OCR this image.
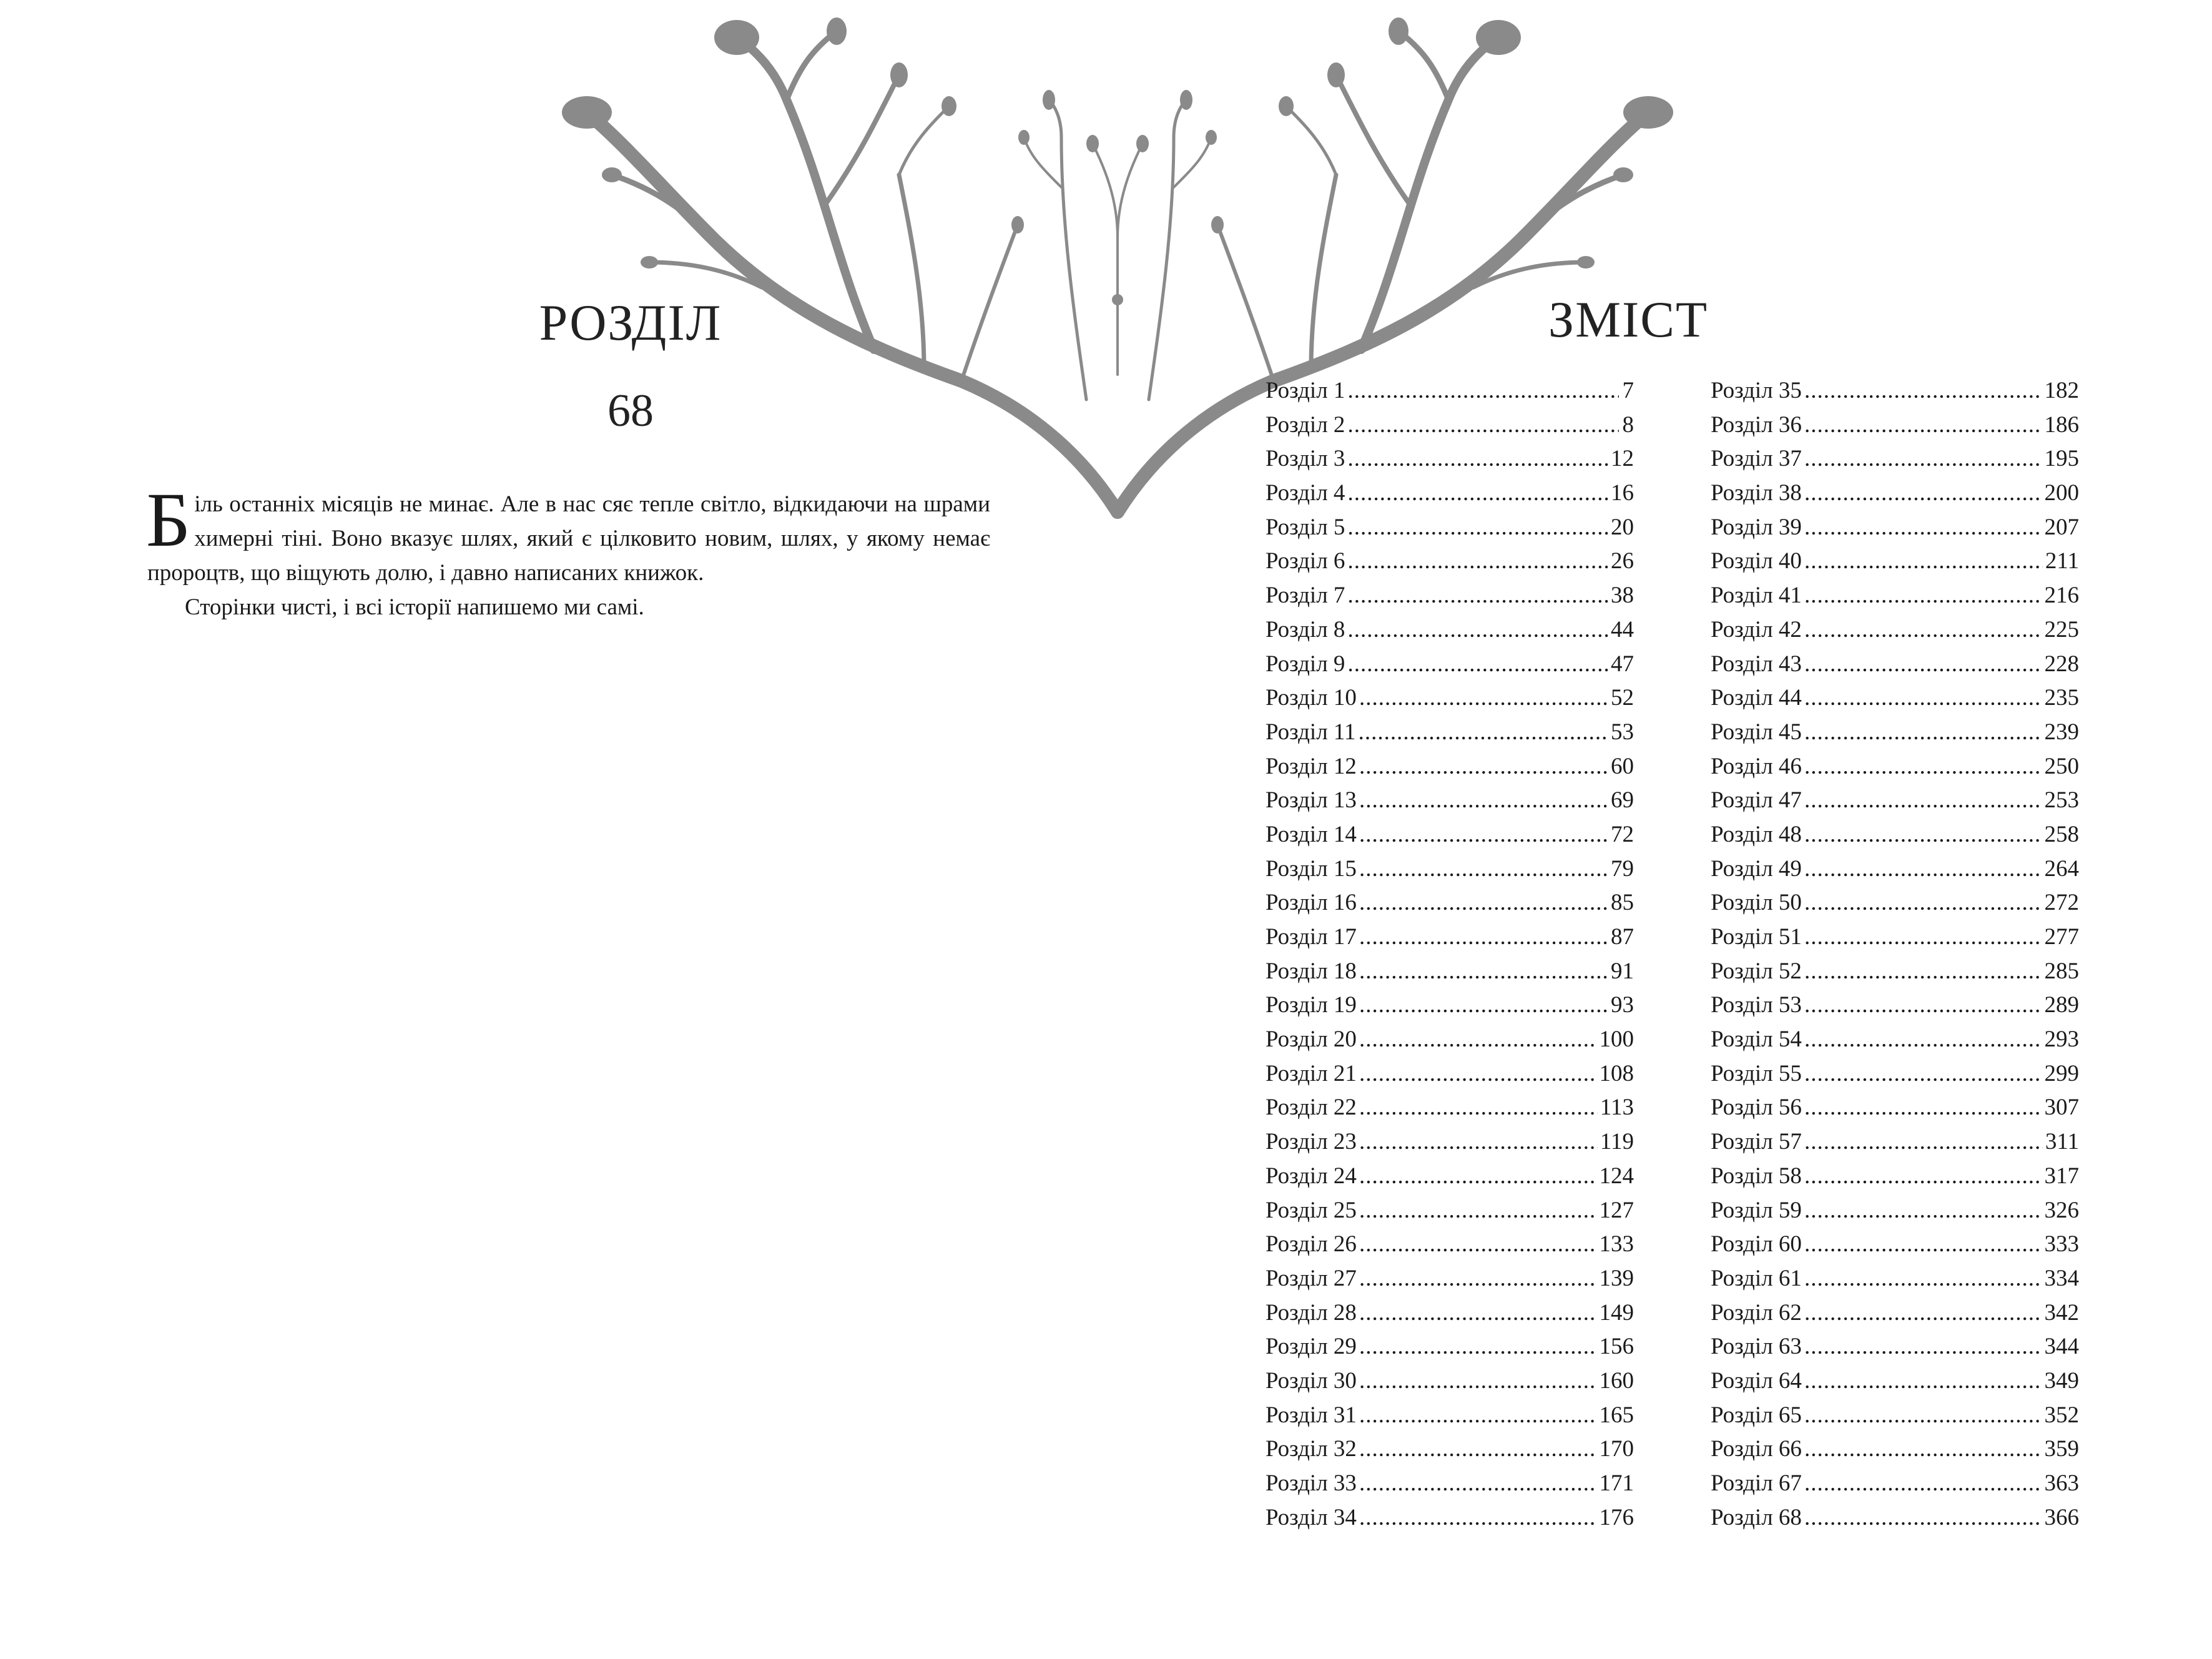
РОЗДІЛ
68

Біль останніх місяців не минає. Але в нас сяє тепле світло, відкидаючи на шрами химерні тіні. Воно вказує шлях, який є цілковито новим, шлях, у якому немає пророцтв, що віщують долю, і давно написаних книжок.

Сторінки чисті, і всі історії напишемо ми самі.

ЗМІСТ
Розділ 1 .....	7
Розділ 2 .....	8
Розділ 3 .....	12
Розділ 4 .....	16
Розділ 5 .....	20
Розділ 6 .....	26
Розділ 7 .....	38
Розділ 8 .....	44
Розділ 9 .....	47
Розділ 10 .....	52
Розділ 11 .....	53
Розділ 12 .....	60
Розділ 13 .....	69
Розділ 14 .....	72
Розділ 15 .....	79
Розділ 16 .....	85
Розділ 17 .....	87
Розділ 18 .....	91
Розділ 19 .....	93
Розділ 20 .....	100
Розділ 21 .....	108
Розділ 22 .....	113
Розділ 23 .....	119
Розділ 24 .....	124
Розділ 25 .....	127
Розділ 26 .....	133
Розділ 27 .....	139
Розділ 28 .....	149
Розділ 29 .....	156
Розділ 30 .....	160
Розділ 31 .....	165
Розділ 32 .....	170
Розділ 33 .....	171
Розділ 34 .....	176
Розділ 35 .....	182
Розділ 36 .....	186
Розділ 37 .....	195
Розділ 38 .....	200
Розділ 39 .....	207
Розділ 40 .....	211
Розділ 41 .....	216
Розділ 42 .....	225
Розділ 43 .....	228
Розділ 44 .....	235
Розділ 45 .....	239
Розділ 46 .....	250
Розділ 47 .....	253
Розділ 48 .....	258
Розділ 49 .....	264
Розділ 50 .....	272
Розділ 51 .....	277
Розділ 52 .....	285
Розділ 53 .....	289
Розділ 54 .....	293
Розділ 55 .....	299
Розділ 56 .....	307
Розділ 57 .....	311
Розділ 58 .....	317
Розділ 59 .....	326
Розділ 60 .....	333
Розділ 61 .....	334
Розділ 62 .....	342
Розділ 63 .....	344
Розділ 64 .....	349
Розділ 65 .....	352
Розділ 66 .....	359
Розділ 67 .....	363
Розділ 68 .....	366
